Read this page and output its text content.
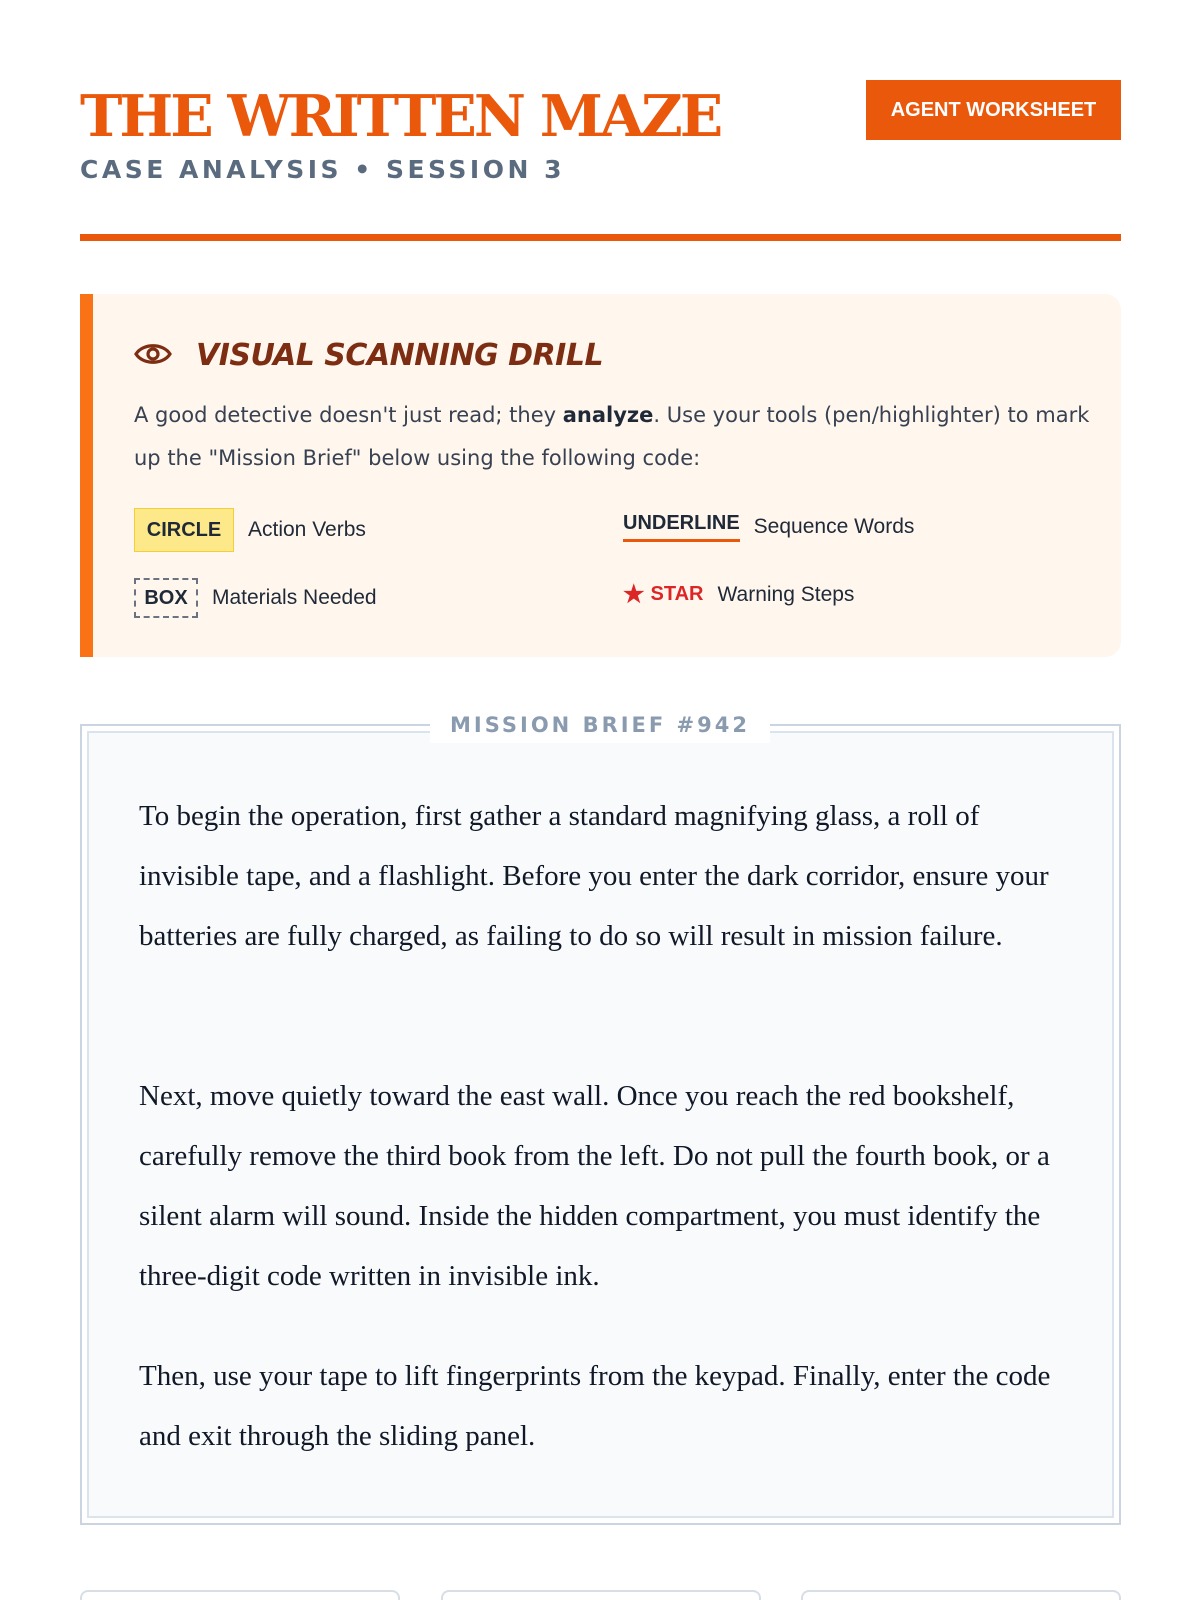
THE WRITTEN MAZE
CASE ANALYSIS • SESSION 3
AGENT WORKSHEET
VISUAL SCANNING DRILL
A good detective doesn't just read; they analyze. Use your tools (pen/highlighter) to mark up the "Mission Brief" below using the following code:
CIRCLE	Action Verbs	UNDERLINE Sequence Words
BOX	Materials Needed	★ STAR Warning Steps
MISSION BRIEF #942

To begin the operation, first gather a standard magnifying glass, a roll of invisible tape, and a flashlight. Before you enter the dark corridor, ensure your batteries are fully charged, as failing to do so will result in mission failure.

Next, move quietly toward the east wall. Once you reach the red bookshelf, carefully remove the third book from the left. Do not pull the fourth book, or a silent alarm will sound. Inside the hidden compartment, you must identify the three-digit code written in invisible ink.

Then, use your tape to lift fingerprints from the keypad. Finally, enter the code and exit through the sliding panel.
